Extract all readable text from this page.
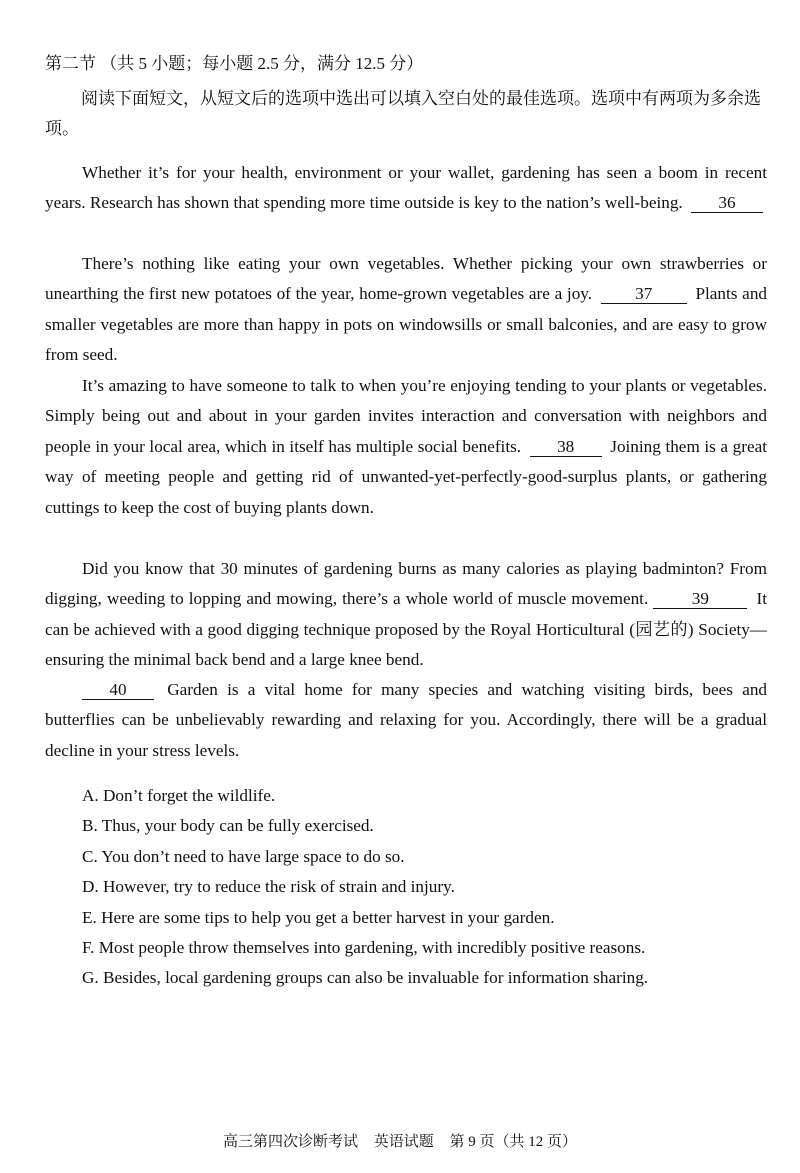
第二节 （共 5 小题；每小题 2.5 分，满分 12.5 分）
阅读下面短文，从短文后的选项中选出可以填入空白处的最佳选项。选项中有两项为多余选项。
Whether it’s for your health, environment or your wallet, gardening has seen a boom in recent years. Research has shown that spending more time outside is key to the nation’s well-being. 36
There’s nothing like eating your own vegetables. Whether picking your own strawberries or unearthing the first new potatoes of the year, home-grown vegetables are a joy.	37	Plants and smaller vegetables are more than happy in pots on windowsills or small balconies, and are easy to grow from seed.
It’s amazing to have someone to talk to when you’re enjoying tending to your plants or vegetables. Simply being out and about in your garden invites interaction and conversation with neighbors and people in your local area, which in itself has multiple social benefits. 38 Joining them is a great way of meeting people and getting rid of unwanted-yet-perfectly-good-surplus plants, or gathering cuttings to keep the cost of buying plants down.
Did you know that 30 minutes of gardening burns as many calories as playing badminton? From digging, weeding to lopping and mowing, there’s a whole world of muscle movement.	39	It can be achieved with a good digging technique proposed by the Royal Horticultural (园艺的) Society—ensuring the minimal back bend and a large knee bend.
40 Garden is a vital home for many species and watching visiting birds, bees and butterflies can be unbelievably rewarding and relaxing for you. Accordingly, there will be a gradual decline in your stress levels.
A. Don’t forget the wildlife.
B. Thus, your body can be fully exercised.
C. You don’t need to have large space to do so.
D. However, try to reduce the risk of strain and injury.
E. Here are some tips to help you get a better harvest in your garden.
F. Most people throw themselves into gardening, with incredibly positive reasons.
G. Besides, local gardening groups can also be invaluable for information sharing.
高三第四次诊断考试 英语试题 第 9 页（共 12 页）
